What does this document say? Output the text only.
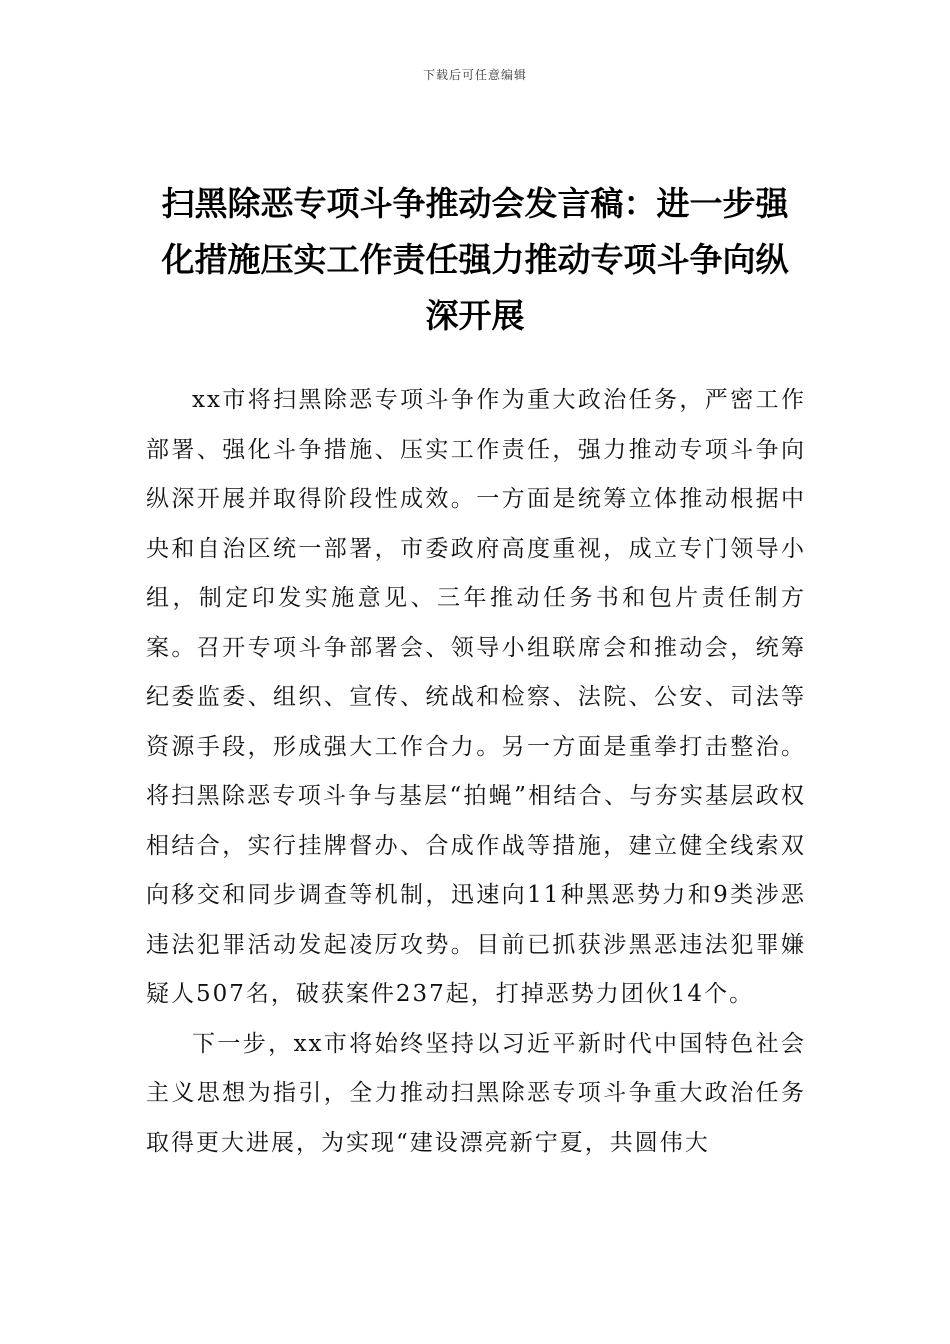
下载后可任意编辑
扫黑除恶专项斗争推动会发言稿：进一步强化措施压实工作责任强力推动专项斗争向纵深开展

xx市将扫黑除恶专项斗争作为重大政治任务，严密工作部署、强化斗争措施、压实工作责任，强力推动专项斗争向纵深开展并取得阶段性成效。一方面是统筹立体推动根据中央和自治区统一部署，市委政府高度重视，成立专门领导小组，制定印发实施意见、三年推动任务书和包片责任制方案。召开专项斗争部署会、领导小组联席会和推动会，统筹纪委监委、组织、宣传、统战和检察、法院、公安、司法等资源手段，形成强大工作合力。另一方面是重拳打击整治。将扫黑除恶专项斗争与基层“拍蝇”相结合、与夯实基层政权相结合，实行挂牌督办、合成作战等措施，建立健全线索双向移交和同步调查等机制，迅速向11种黑恶势力和9类涉恶违法犯罪活动发起凌厉攻势。目前已抓获涉黑恶违法犯罪嫌疑人507名，破获案件237起，打掉恶势力团伙14个。

下一步，xx市将始终坚持以习近平新时代中国特色社会主义思想为指引，全力推动扫黑除恶专项斗争重大政治任务取得更大进展，为实现“建设漂亮新宁夏，共圆伟大
